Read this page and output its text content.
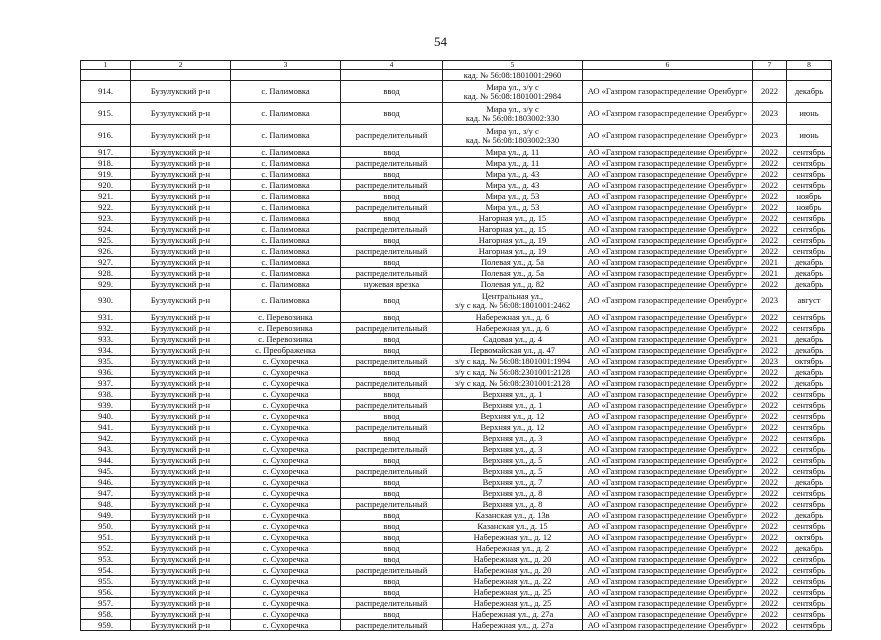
54
1	2	3	4	5	6	7	8
				кад. № 56:08:1801001:2960			
914.	Бузулукский р-н	с. Палимовка	ввод	Мира ул., з/у с
кад. № 56:08:1801001:2984	АО «Газпром газораспределение Оренбург»	2022	декабрь
915.	Бузулукский р-н	с. Палимовка	ввод	Мира ул., з/у с
кад. № 56:08:1803002:330	АО «Газпром газораспределение Оренбург»	2023	июнь
916.	Бузулукский р-н	с. Палимовка	распределительный	Мира ул., з/у с
кад. № 56:08:1803002:330	АО «Газпром газораспределение Оренбург»	2023	июнь
917.	Бузулукский р-н	с. Палимовка	ввод	Мира ул., д. 11	АО «Газпром газораспределение Оренбург»	2022	сентябрь
918.	Бузулукский р-н	с. Палимовка	распределительный	Мира ул., д. 11	АО «Газпром газораспределение Оренбург»	2022	сентябрь
919.	Бузулукский р-н	с. Палимовка	ввод	Мира ул., д. 43	АО «Газпром газораспределение Оренбург»	2022	сентябрь
920.	Бузулукский р-н	с. Палимовка	распределительный	Мира ул., д. 43	АО «Газпром газораспределение Оренбург»	2022	сентябрь
921.	Бузулукский р-н	с. Палимовка	ввод	Мира ул., д. 53	АО «Газпром газораспределение Оренбург»	2022	ноябрь
922.	Бузулукский р-н	с. Палимовка	распределительный	Мира ул., д. 53	АО «Газпром газораспределение Оренбург»	2022	ноябрь
923.	Бузулукский р-н	с. Палимовка	ввод	Нагорная ул., д. 15	АО «Газпром газораспределение Оренбург»	2022	сентябрь
924.	Бузулукский р-н	с. Палимовка	распределительный	Нагорная ул., д. 15	АО «Газпром газораспределение Оренбург»	2022	сентябрь
925.	Бузулукский р-н	с. Палимовка	ввод	Нагорная ул., д. 19	АО «Газпром газораспределение Оренбург»	2022	сентябрь
926.	Бузулукский р-н	с. Палимовка	распределительный	Нагорная ул., д. 19	АО «Газпром газораспределение Оренбург»	2022	сентябрь
927.	Бузулукский р-н	с. Палимовка	ввод	Полевая ул., д. 5а	АО «Газпром газораспределение Оренбург»	2021	декабрь
928.	Бузулукский р-н	с. Палимовка	распределительный	Полевая ул., д. 5а	АО «Газпром газораспределение Оренбург»	2021	декабрь
929.	Бузулукский р-н	с. Палимовка	нужевая врезка	Полевая ул., д. 82	АО «Газпром газораспределение Оренбург»	2022	декабрь
930.	Бузулукский р-н	с. Палимовка	ввод	Центральная ул.,
з/у с кад. № 56:08:1801001:2462	АО «Газпром газораспределение Оренбург»	2023	август
931.	Бузулукский р-н	с. Перевозинка	ввод	Набережная ул., д. 6	АО «Газпром газораспределение Оренбург»	2022	сентябрь
932.	Бузулукский р-н	с. Перевозинка	распределительный	Набережная ул., д. 6	АО «Газпром газораспределение Оренбург»	2022	сентябрь
933.	Бузулукский р-н	с. Перевозинка	ввод	Садовая ул., д. 4	АО «Газпром газораспределение Оренбург»	2021	декабрь
934.	Бузулукский р-н	с. Преображенка	ввод	Первомайская ул., д. 47	АО «Газпром газораспределение Оренбург»	2022	декабрь
935.	Бузулукский р-н	с. Сухоречка	распределительный	з/у с кад. № 56:08:1801001:1994	АО «Газпром газораспределение Оренбург»	2023	октябрь
936.	Бузулукский р-н	с. Сухоречка	ввод	з/у с кад. № 56:08:2301001:2128	АО «Газпром газораспределение Оренбург»	2022	декабрь
937.	Бузулукский р-н	с. Сухоречка	распределительный	з/у с кад. № 56:08:2301001:2128	АО «Газпром газораспределение Оренбург»	2022	декабрь
938.	Бузулукский р-н	с. Сухоречка	ввод	Верхняя ул., д. 1	АО «Газпром газораспределение Оренбург»	2022	сентябрь
939.	Бузулукский р-н	с. Сухоречка	распределительный	Верхняя ул., д. 1	АО «Газпром газораспределение Оренбург»	2022	сентябрь
940.	Бузулукский р-н	с. Сухоречка	ввод	Верхняя ул., д. 12	АО «Газпром газораспределение Оренбург»	2022	сентябрь
941.	Бузулукский р-н	с. Сухоречка	распределительный	Верхняя ул., д. 12	АО «Газпром газораспределение Оренбург»	2022	сентябрь
942.	Бузулукский р-н	с. Сухоречка	ввод	Верхняя ул., д. 3	АО «Газпром газораспределение Оренбург»	2022	сентябрь
943.	Бузулукский р-н	с. Сухоречка	распределительный	Верхняя ул., д. 3	АО «Газпром газораспределение Оренбург»	2022	сентябрь
944.	Бузулукский р-н	с. Сухоречка	ввод	Верхняя ул., д. 5	АО «Газпром газораспределение Оренбург»	2022	сентябрь
945.	Бузулукский р-н	с. Сухоречка	распределительный	Верхняя ул., д. 5	АО «Газпром газораспределение Оренбург»	2022	сентябрь
946.	Бузулукский р-н	с. Сухоречка	ввод	Верхняя ул., д. 7	АО «Газпром газораспределение Оренбург»	2022	декабрь
947.	Бузулукский р-н	с. Сухоречка	ввод	Верхняя ул., д. 8	АО «Газпром газораспределение Оренбург»	2022	сентябрь
948.	Бузулукский р-н	с. Сухоречка	распределительный	Верхняя ул., д. 8	АО «Газпром газораспределение Оренбург»	2022	сентябрь
949.	Бузулукский р-н	с. Сухоречка	ввод	Казанская ул., д. 13в	АО «Газпром газораспределение Оренбург»	2022	декабрь
950.	Бузулукский р-н	с. Сухоречка	ввод	Казанская ул., д. 15	АО «Газпром газораспределение Оренбург»	2022	сентябрь
951.	Бузулукский р-н	с. Сухоречка	ввод	Набережная ул., д. 12	АО «Газпром газораспределение Оренбург»	2022	октябрь
952.	Бузулукский р-н	с. Сухоречка	ввод	Набережная ул., д. 2	АО «Газпром газораспределение Оренбург»	2022	декабрь
953.	Бузулукский р-н	с. Сухоречка	ввод	Набережная ул., д. 20	АО «Газпром газораспределение Оренбург»	2022	сентябрь
954.	Бузулукский р-н	с. Сухоречка	распределительный	Набережная ул., д. 20	АО «Газпром газораспределение Оренбург»	2022	сентябрь
955.	Бузулукский р-н	с. Сухоречка	ввод	Набережная ул., д. 22	АО «Газпром газораспределение Оренбург»	2022	сентябрь
956.	Бузулукский р-н	с. Сухоречка	ввод	Набережная ул., д. 25	АО «Газпром газораспределение Оренбург»	2022	сентябрь
957.	Бузулукский р-н	с. Сухоречка	распределительный	Набережная ул., д. 25	АО «Газпром газораспределение Оренбург»	2022	сентябрь
958.	Бузулукский р-н	с. Сухоречка	ввод	Набережная ул., д. 27а	АО «Газпром газораспределение Оренбург»	2022	сентябрь
959.	Бузулукский р-н	с. Сухоречка	распределительный	Набережная ул., д. 27а	АО «Газпром газораспределение Оренбург»	2022	сентябрь
